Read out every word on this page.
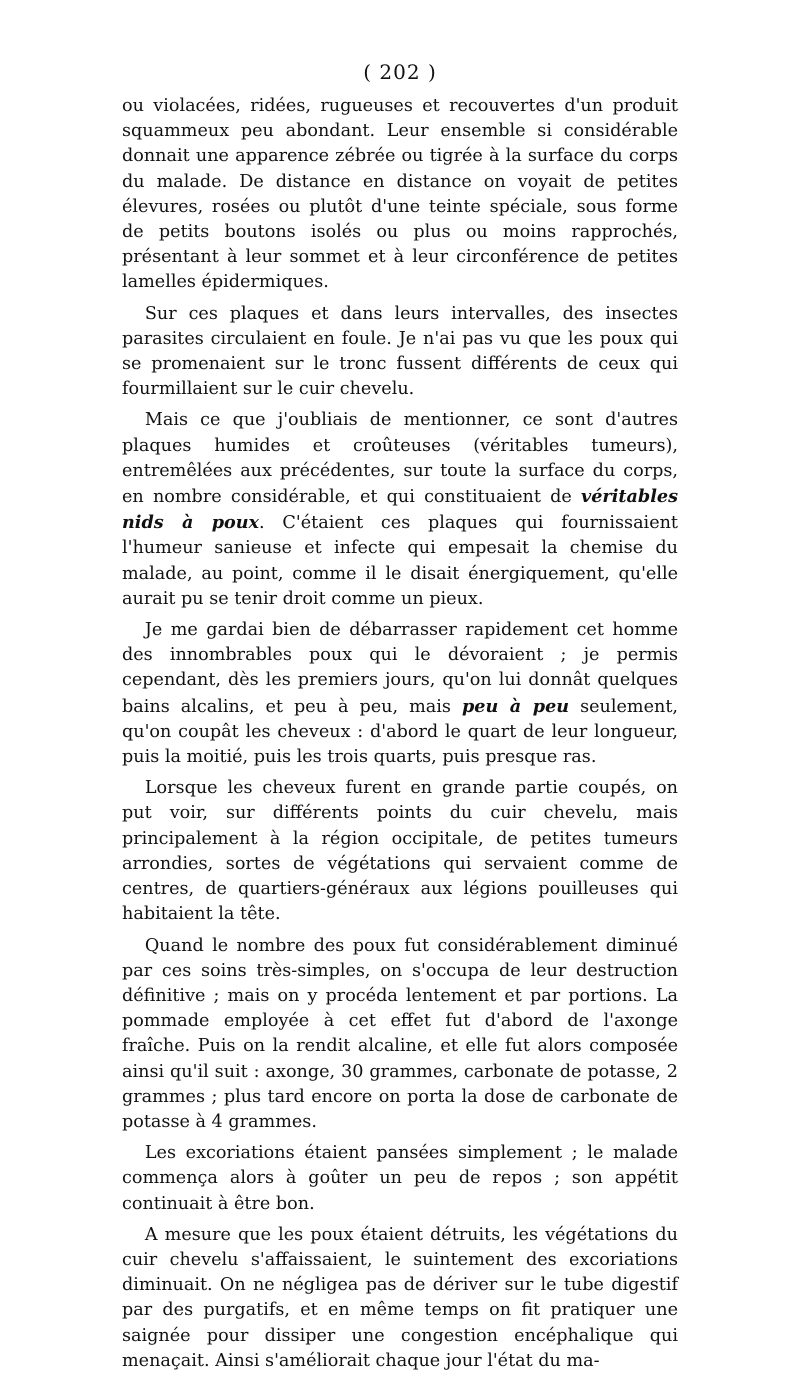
( 202 )

ou violacées, ridées, rugueuses et recouvertes d'un produit squammeux peu abondant. Leur ensemble si considérable donnait une apparence zébrée ou tigrée à la surface du corps du malade. De distance en distance on voyait de petites élevures, rosées ou plutôt d'une teinte spéciale, sous forme de petits boutons isolés ou plus ou moins rapprochés, présentant à leur sommet et à leur circonférence de petites lamelles épidermiques.

Sur ces plaques et dans leurs intervalles, des insectes parasites circulaient en foule. Je n'ai pas vu que les poux qui se promenaient sur le tronc fussent différents de ceux qui fourmillaient sur le cuir chevelu.

Mais ce que j'oubliais de mentionner, ce sont d'autres plaques humides et croûteuses (véritables tumeurs), entremêlées aux précédentes, sur toute la surface du corps, en nombre considérable, et qui constituaient de véritables nids à poux. C'étaient ces plaques qui fournissaient l'humeur sanieuse et infecte qui empesait la chemise du malade, au point, comme il le disait énergiquement, qu'elle aurait pu se tenir droit comme un pieux.

Je me gardai bien de débarrasser rapidement cet homme des innombrables poux qui le dévoraient ; je permis cependant, dès les premiers jours, qu'on lui donnât quelques bains alcalins, et peu à peu, mais peu à peu seulement, qu'on coupât les cheveux : d'abord le quart de leur longueur, puis la moitié, puis les trois quarts, puis presque ras.

Lorsque les cheveux furent en grande partie coupés, on put voir, sur différents points du cuir chevelu, mais principalement à la région occipitale, de petites tumeurs arrondies, sortes de végétations qui servaient comme de centres, de quartiers-généraux aux légions pouilleuses qui habitaient la tête.

Quand le nombre des poux fut considérablement diminué par ces soins très-simples, on s'occupa de leur destruction définitive ; mais on y procéda lentement et par portions. La pommade employée à cet effet fut d'abord de l'axonge fraîche. Puis on la rendit alcaline, et elle fut alors composée ainsi qu'il suit : axonge, 30 grammes, carbonate de potasse, 2 grammes ; plus tard encore on porta la dose de carbonate de potasse à 4 grammes.

Les excoriations étaient pansées simplement ; le malade commença alors à goûter un peu de repos ; son appétit continuait à être bon.

A mesure que les poux étaient détruits, les végétations du cuir chevelu s'affaissaient, le suintement des excoriations diminuait. On ne négligea pas de dériver sur le tube digestif par des purgatifs, et en même temps on fit pratiquer une saignée pour dissiper une congestion encéphalique qui menaçait. Ainsi s'améliorait chaque jour l'état du ma-
